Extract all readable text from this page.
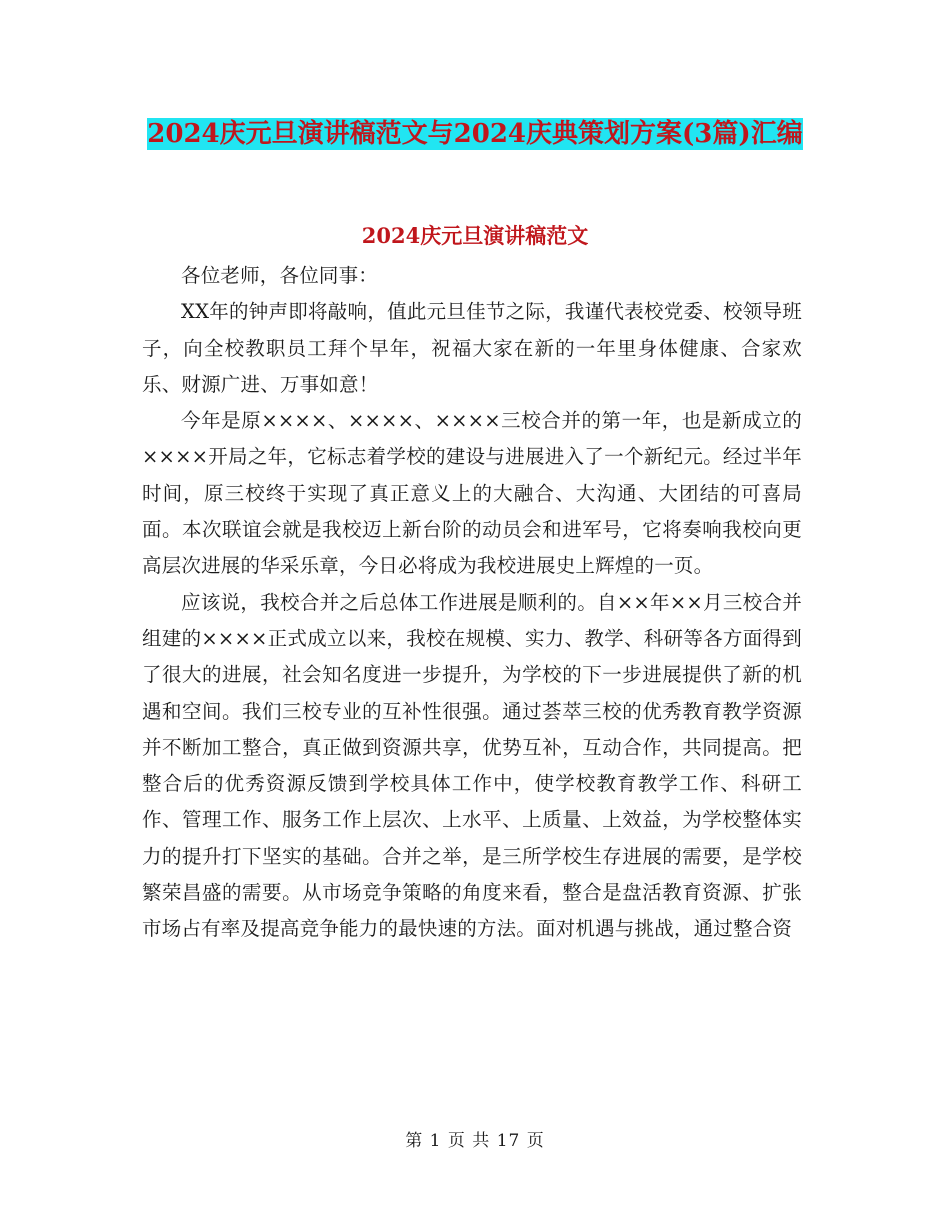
2024庆元旦演讲稿范文与2024庆典策划方案(3篇)汇编
2024庆元旦演讲稿范文

各位老师，各位同事：

XX年的钟声即将敲响，值此元旦佳节之际，我谨代表校党委、校领导班子，向全校教职员工拜个早年，祝福大家在新的一年里身体健康、合家欢乐、财源广进、万事如意！

今年是原××××、××××、××××三校合并的第一年，也是新成立的××××开局之年，它标志着学校的建设与进展进入了一个新纪元。经过半年时间，原三校终于实现了真正意义上的大融合、大沟通、大团结的可喜局面。本次联谊会就是我校迈上新台阶的动员会和进军号，它将奏响我校向更高层次进展的华采乐章，今日必将成为我校进展史上辉煌的一页。

应该说，我校合并之后总体工作进展是顺利的。自××年××月三校合并组建的××××正式成立以来，我校在规模、实力、教学、科研等各方面得到了很大的进展，社会知名度进一步提升，为学校的下一步进展提供了新的机遇和空间。我们三校专业的互补性很强。通过荟萃三校的优秀教育教学资源并不断加工整合，真正做到资源共享，优势互补，互动合作，共同提高。把整合后的优秀资源反馈到学校具体工作中，使学校教育教学工作、科研工作、管理工作、服务工作上层次、上水平、上质量、上效益，为学校整体实力的提升打下坚实的基础。合并之举，是三所学校生存进展的需要，是学校繁荣昌盛的需要。从市场竞争策略的角度来看，整合是盘活教育资源、扩张市场占有率及提高竞争能力的最快速的方法。面对机遇与挑战，通过整合资

第 1 页 共 17 页
